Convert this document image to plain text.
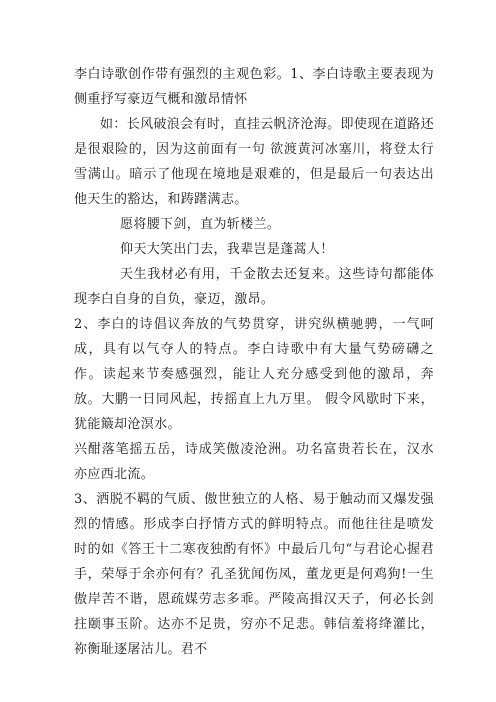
李白诗歌创作带有强烈的主观色彩。1、李白诗歌主要表现为侧重抒写豪迈气概和激昂情怀

如：长风破浪会有时，直挂云帆济沧海。即使现在道路还是很艰险的，因为这前面有一句 欲渡黄河冰塞川，将登太行雪满山。暗示了他现在境地是艰难的，但是最后一句表达出他天生的豁达，和踌躇满志。

愿将腰下剑，直为斩楼兰。

仰天大笑出门去，我辈岂是蓬蒿人！

天生我材必有用，千金散去还复来。这些诗句都能体现李白自身的自负，豪迈，激昂。

2、李白的诗倡议奔放的气势贯穿，讲究纵横驰骋，一气呵成，具有以气夺人的特点。李白诗歌中有大量气势磅礴之作。读起来节奏感强烈，能让人充分感受到他的激昂，奔放。大鹏一日同风起，抟摇直上九万里。 假令风歇时下来，犹能簸却沧溟水。

兴酣落笔摇五岳，诗成笑傲凌沧洲。功名富贵若长在，汉水亦应西北流。

3、洒脱不羁的气质、傲世独立的人格、易于触动而又爆发强烈的情感。形成李白抒情方式的鲜明特点。而他往往是喷发时的如《答王十二寒夜独酌有怀》中最后几句“与君论心握君手，荣辱于余亦何有？孔圣犹闻伤凤，董龙更是何鸡狗!一生傲岸苦不谐，恩疏媒劳志多乖。严陵高揖汉天子，何必长剑拄颐事玉阶。达亦不足贵，穷亦不足悲。韩信羞将绛灌比，祢衡耻逐屠沽儿。君不
